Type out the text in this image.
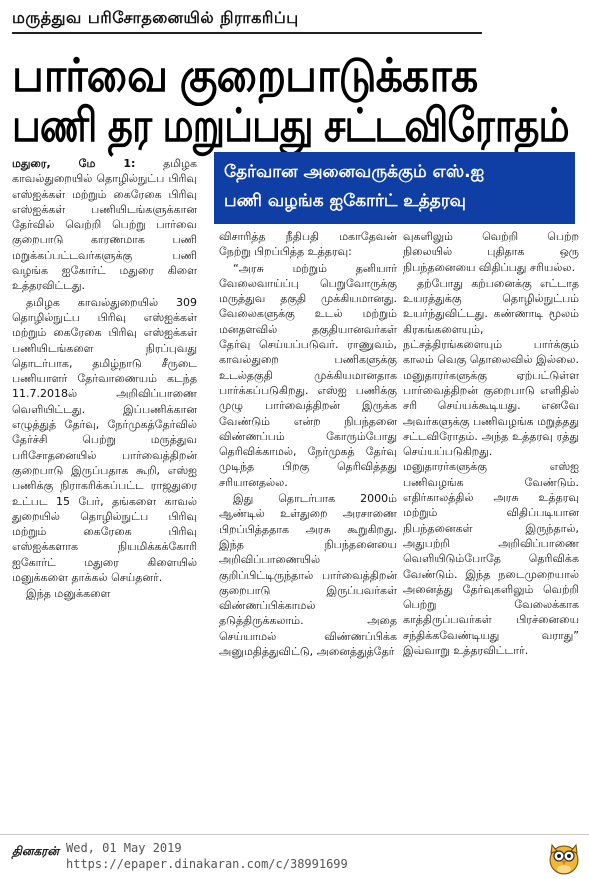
மருத்துவ பரிசோதனையில் நிராகரிப்பு
பார்வை குறைபாடுக்காக
பணி தர மறுப்பது சட்டவிரோதம்
தேர்வான அனைவருக்கும் எஸ்.ஐ
பணி வழங்க ஐகோர்ட் உத்தரவு

மதுரை, மே 1: தமிழக காவல்துறையில் தொழில்நுட்ப பிரிவு எஸ்ஐக்கள் மற்றும் கைரேகை பிரிவு எஸ்ஐக்கள் பணியிடங்களுக்கான தேர்வில் வெற்றி பெற்று பார்வை குறைபாடு காரணமாக பணி மறுக்கப்பட்டவர்களுக்கு பணி வழங்க ஐகோர்ட் மதுரை கிளை உத்தரவிட்டது.

தமிழக காவல்துறையில் 309 தொழில்நுட்ப பிரிவு எஸ்ஐக்கள் மற்றும் கைரேகை பிரிவு எஸ்ஐக்கள் பணியிடங்களை நிரப்புவது தொடர்பாக, தமிழ்நாடு சீருடை பணியாளர் தேர்வாணையம் கடந்த 11.7.2018ல் அறிவிப்பாணை வெளியிட்டது. இப்பணிக்கான எழுத்துத் தேர்வு, நேர்முகத்தேர்வில் தேர்ச்சி பெற்று மருத்துவ பரிசோதனையில் பார்வைத்திறன் குறைபாடு இருப்பதாக கூறி, எஸ்ஐ பணிக்கு நிராகரிக்கப்பட்ட ராஜதுரை உட்பட 15 பேர், தங்களை காவல் துறையில் தொழில்நுட்ப பிரிவு மற்றும் கைரேகை பிரிவு எஸ்ஐக்களாக நியமிக்கக்கோரி ஐகோர்ட் மதுரை கிளையில் மனுக்களை தாக்கல் செய்தனர்.

இந்த மனுக்களை

விசாரித்த நீதிபதி மகாதேவன் நேற்று பிறப்பித்த உத்தரவு:

“அரசு மற்றும் தனியார் வேலைவாய்ப்பு பெறுவோருக்கு மருத்துவ தகுதி முக்கியமானது. வேலைகளுக்கு உடல் மற்றும் மனதளவில் தகுதியானவர்கள் தேர்வு செய்யப்படுவர். ராணுவம், காவல்துறை பணிகளுக்கு உடல்தகுதி முக்கியமானதாக பார்க்கப்படுகிறது. எஸ்ஐ பணிக்கு முழு பார்வைத்திறன் இருக்க வேண்டும் என்ற நிபந்தனை விண்ணப்பம் கோரும்போது தெரிவிக்காமல், நேர்முகத் தேர்வு முடிந்த பிறகு தெரிவித்தது சரியானதல்ல.

இது தொடர்பாக 2000ம் ஆண்டில் உள்துறை அரசாணை பிறப்பித்ததாக அரசு கூறுகிறது. இந்த நிபந்தனையை அறிவிப்பாணையில் குறிப்பிட்டிருந்தால் பார்வைத்திறன் குறைபாடு இருப்பவர்கள் விண்ணப்பிக்காமல் தடுத்திருக்கலாம். அதை செய்யாமல் விண்ணப்பிக்க அனுமதித்துவிட்டு, அனைத்துத்தேர்

வுகளிலும் வெற்றி பெற்ற நிலையில் புதிதாக ஒரு நிபந்தனையை விதிப்பது சரியல்ல.

தற்போது கற்பனைக்கு எட்டாத உயரத்துக்கு தொழில்நுட்பம் உயர்ந்துவிட்டது. கண்ணாடி மூலம் கிரகங்களையும், நட்சத்திரங்களையும் பார்க்கும் காலம் வெகு தொலைவில் இல்லை. மனுதாரர்களுக்கு ஏற்பட்டுள்ள பார்வைத்திறன் குறைபாடு எளிதில் சரி செய்யக்கூடியது. எனவே அவர்களுக்கு பணிவழங்க மறுத்தது சட்டவிரோதம். அந்த உத்தரவு ரத்து செய்யப்படுகிறது. மனுதாரர்களுக்கு எஸ்ஐ பணிவழங்க வேண்டும். எதிர்காலத்தில் அரசு உத்தரவு மற்றும் விதிப்படியான நிபந்தனைகள் இருந்தால், அதுபற்றி அறிவிப்பாணை வெளியிடும்போதே தெரிவிக்க வேண்டும். இந்த நடைமுறையால் அனைத்து தேர்வுகளிலும் வெற்றி பெற்று வேலைக்காக காத்திருப்பவர்கள் பிரச்னையை சந்திக்கவேண்டியது வராது” இவ்வாறு உத்தரவிட்டார்.

தினகரன் Wed, 01 May 2019
https://epaper.dinakaran.com/c/38991699
